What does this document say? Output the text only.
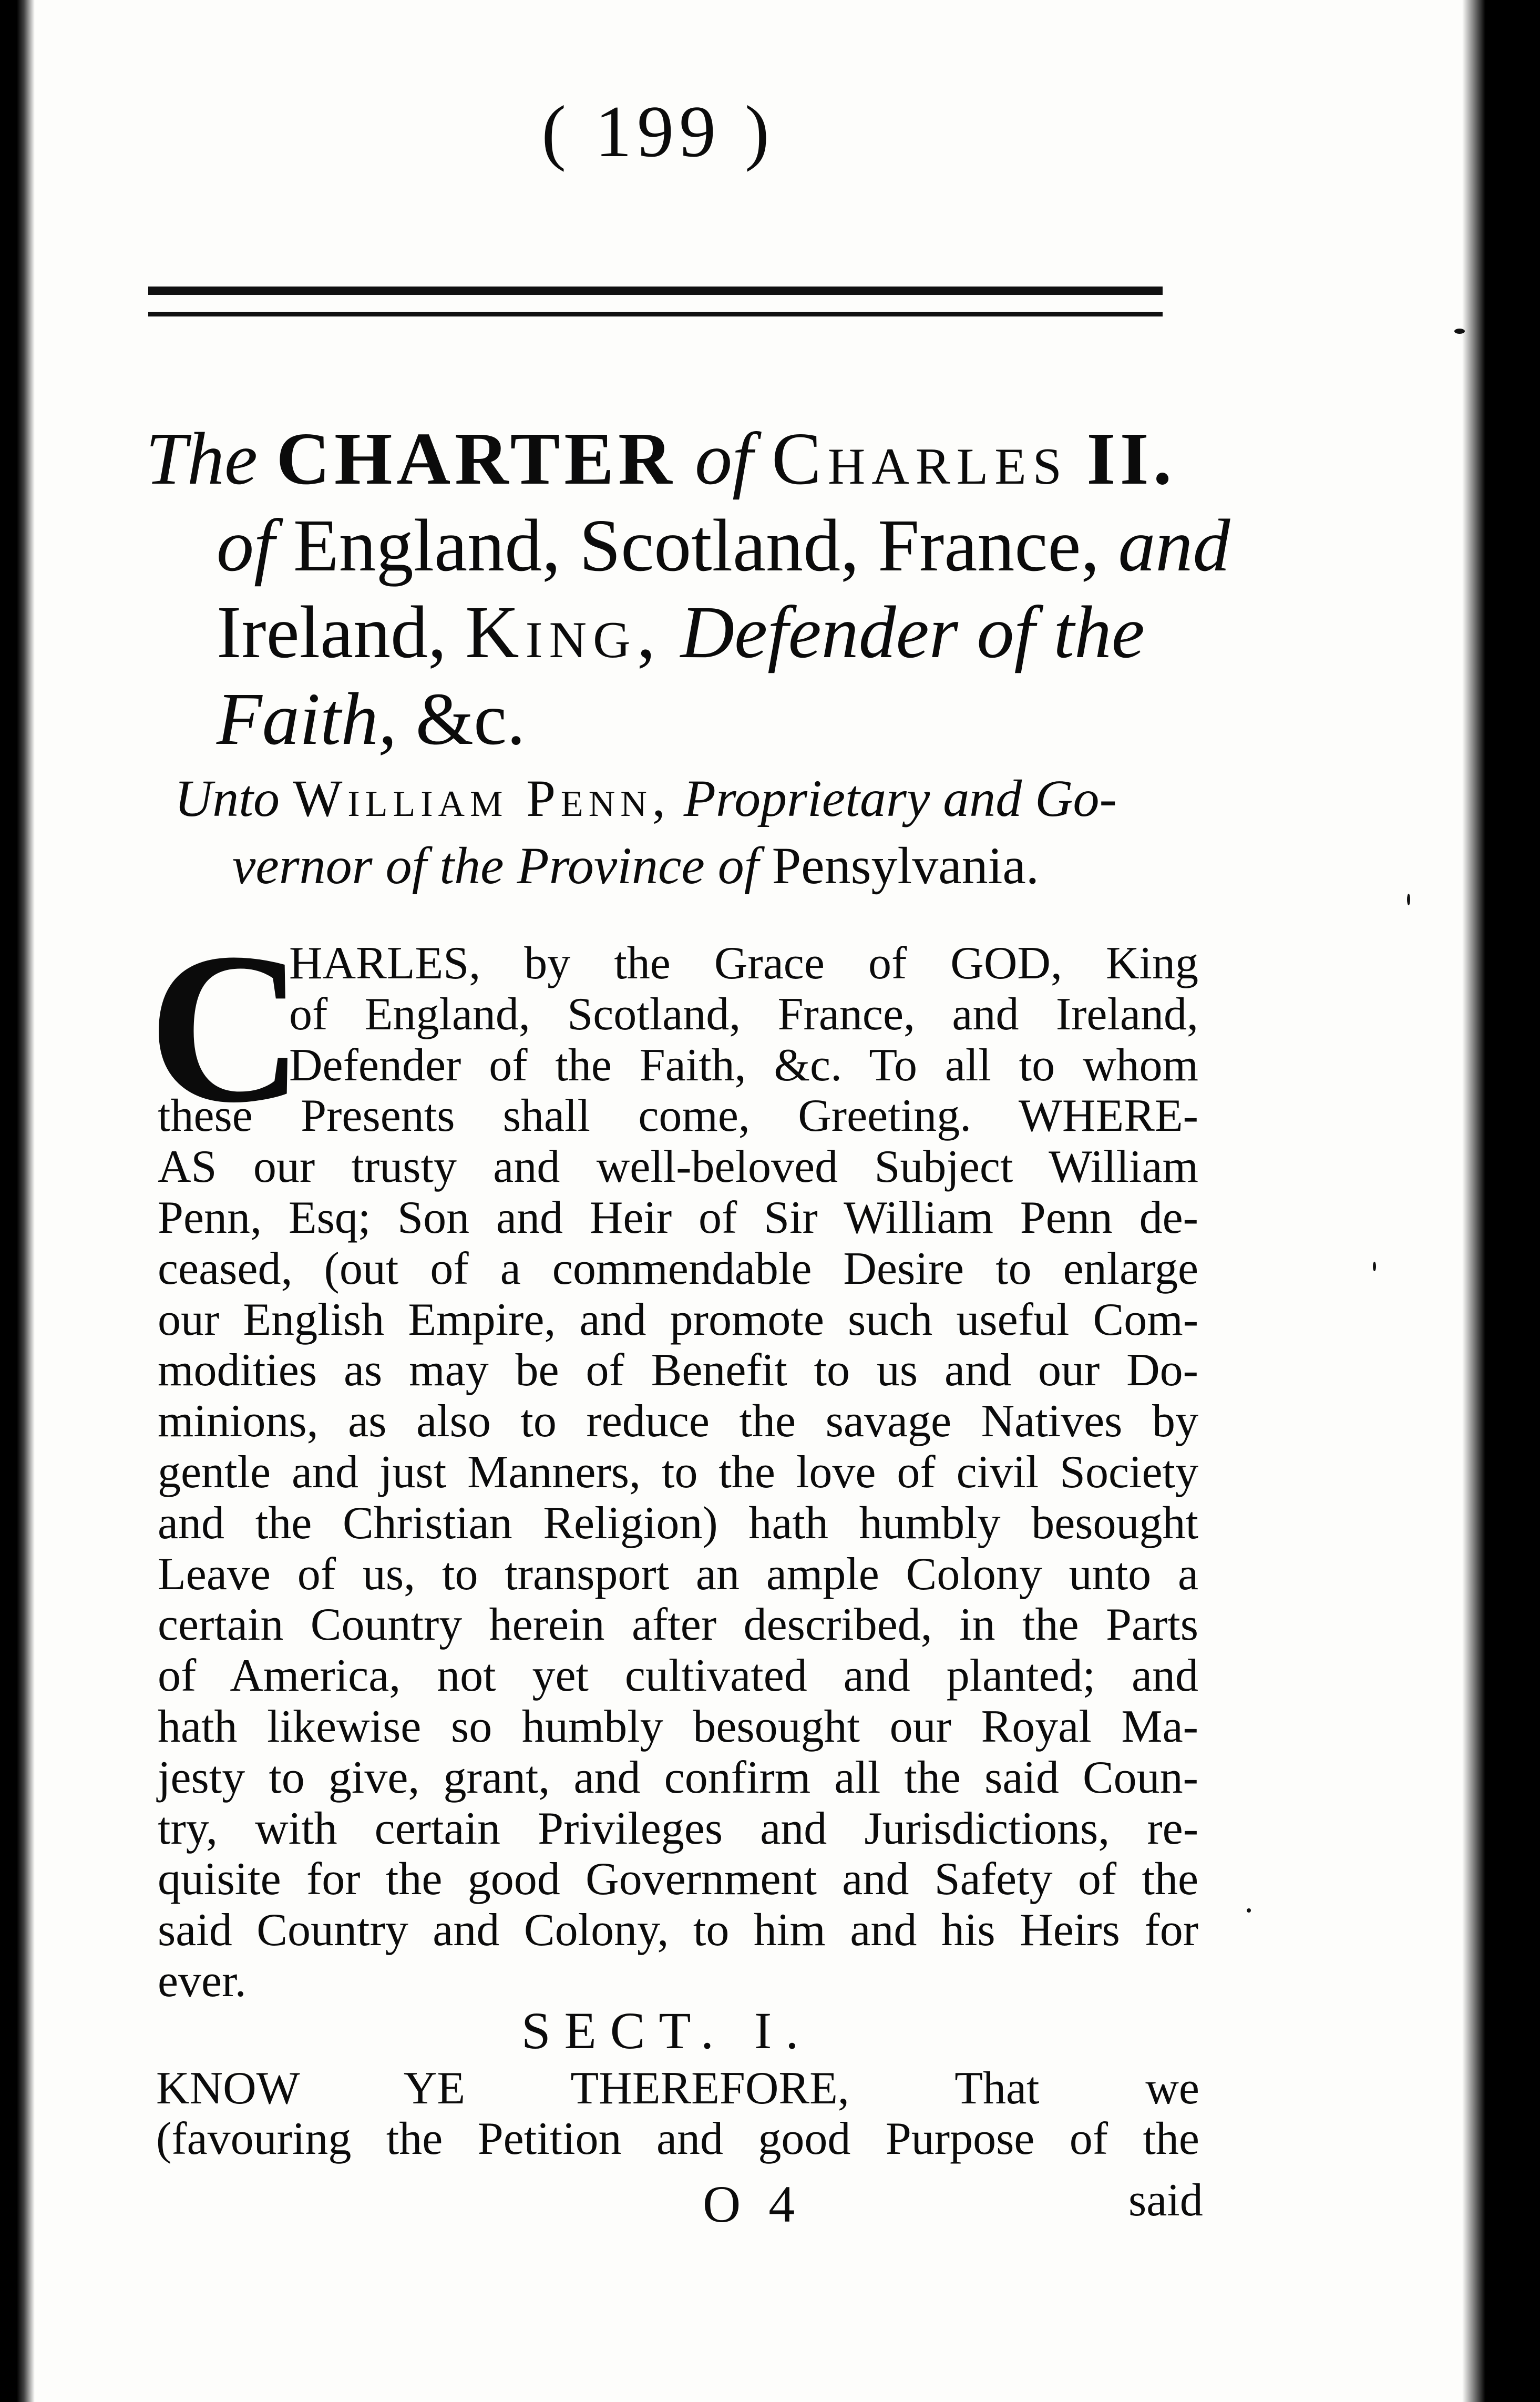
( 199 )
The CHARTER of Charles II.
of England, Scotland, France, and
Ireland, King, Defender of the
Faith, &c.
Unto William Penn, Proprietary and Go-
vernor of the Province of Pensylvania.
C
HARLES, by the Grace of GOD, King
of England, Scotland, France, and Ireland,
Defender of the Faith, &c. To all to whom
these Presents shall come, Greeting. WHERE-
AS our trusty and well-beloved Subject William
Penn, Esq; Son and Heir of Sir William Penn de-
ceased, (out of a commendable Desire to enlarge
our English Empire, and promote such useful Com-
modities as may be of Benefit to us and our Do-
minions, as also to reduce the savage Natives by
gentle and just Manners, to the love of civil Society
and the Christian Religion) hath humbly besought
Leave of us, to transport an ample Colony unto a
certain Country herein after described, in the Parts
of America, not yet cultivated and planted; and
hath likewise so humbly besought our Royal Ma-
jesty to give, grant, and confirm all the said Coun-
try, with certain Privileges and Jurisdictions, re-
quisite for the good Government and Safety of the
said Country and Colony, to him and his Heirs for
ever.
SECT. I.
KNOW YE THEREFORE, That we
(favouring the Petition and good Purpose of the
O 4	said
